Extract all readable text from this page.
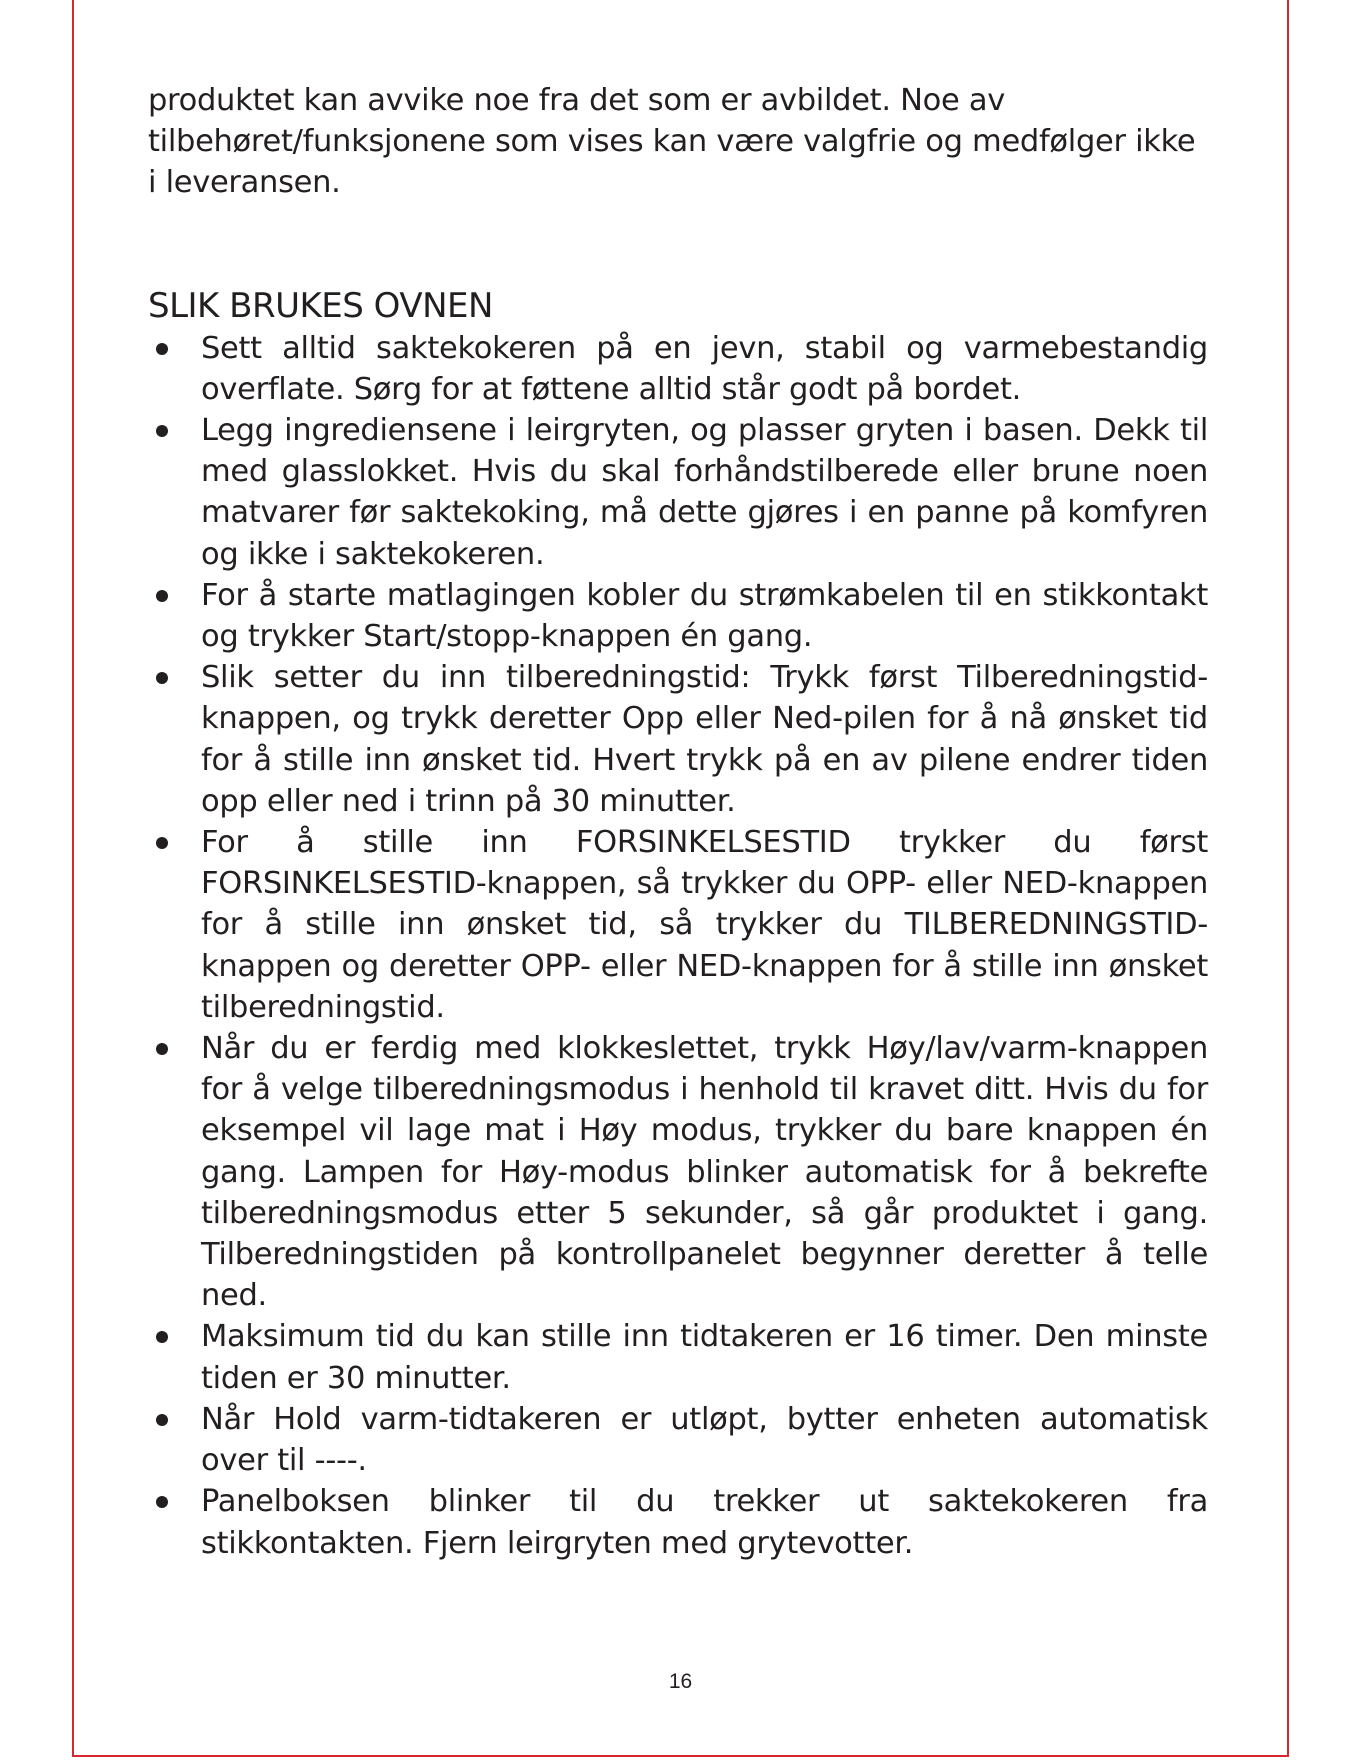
produktet kan avvike noe fra det som er avbildet. Noe av tilbehøret/funksjonene som vises kan være valgfrie og medfølger ikke i leveransen.

SLIK BRUKES OVNEN
Sett alltid saktekokeren på en jevn, stabil og varmebestandig overflate. Sørg for at føttene alltid står godt på bordet.
Legg ingrediensene i leirgryten, og plasser gryten i basen. Dekk til med glasslokket. Hvis du skal forhåndstilberede eller brune noen matvarer før saktekoking, må dette gjøres i en panne på komfyren og ikke i saktekokeren.
For å starte matlagingen kobler du strømkabelen til en stikkontakt og trykker Start/stopp-knappen én gang.
Slik setter du inn tilberedningstid: Trykk først Tilberedningstid-knappen, og trykk deretter Opp eller Ned-pilen for å nå ønsket tid for å stille inn ønsket tid. Hvert trykk på en av pilene endrer tiden opp eller ned i trinn på 30 minutter.
For å stille inn FORSINKELSESTID trykker du først FORSINKELSESTID-knappen, så trykker du OPP- eller NED-knappen for å stille inn ønsket tid, så trykker du TILBEREDNINGSTID-knappen og deretter OPP- eller NED-knappen for å stille inn ønsket tilberedningstid.
Når du er ferdig med klokkeslettet, trykk Høy/lav/varm-knappen for å velge tilberedningsmodus i henhold til kravet ditt. Hvis du for eksempel vil lage mat i Høy modus, trykker du bare knappen én gang. Lampen for Høy-modus blinker automatisk for å bekrefte tilberedningsmodus etter 5 sekunder, så går produktet i gang. Tilberedningstiden på kontrollpanelet begynner deretter å telle ned.
Maksimum tid du kan stille inn tidtakeren er 16 timer. Den minste tiden er 30 minutter.
Når Hold varm-tidtakeren er utløpt, bytter enheten automatisk over til ----.
Panelboksen blinker til du trekker ut saktekokeren fra stikkontakten. Fjern leirgryten med grytevotter.
16
